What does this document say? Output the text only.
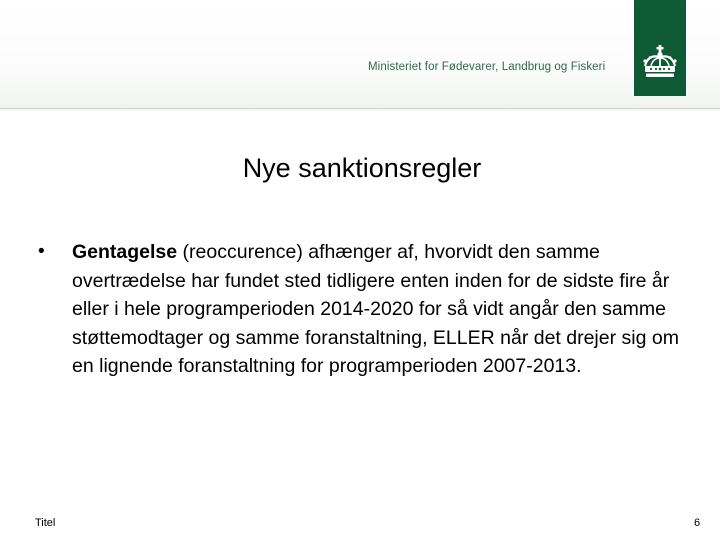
Ministeriet for Fødevarer, Landbrug og Fiskeri
Nye sanktionsregler
• Gentagelse (reoccurence) afhænger af, hvorvidt den samme overtrædelse har fundet sted tidligere enten inden for de sidste fire år eller i hele programperioden 2014-2020 for så vidt angår den samme støttemodtager og samme foranstaltning, ELLER når det drejer sig om en lignende foranstaltning for programperioden 2007-2013.
Titel	6
